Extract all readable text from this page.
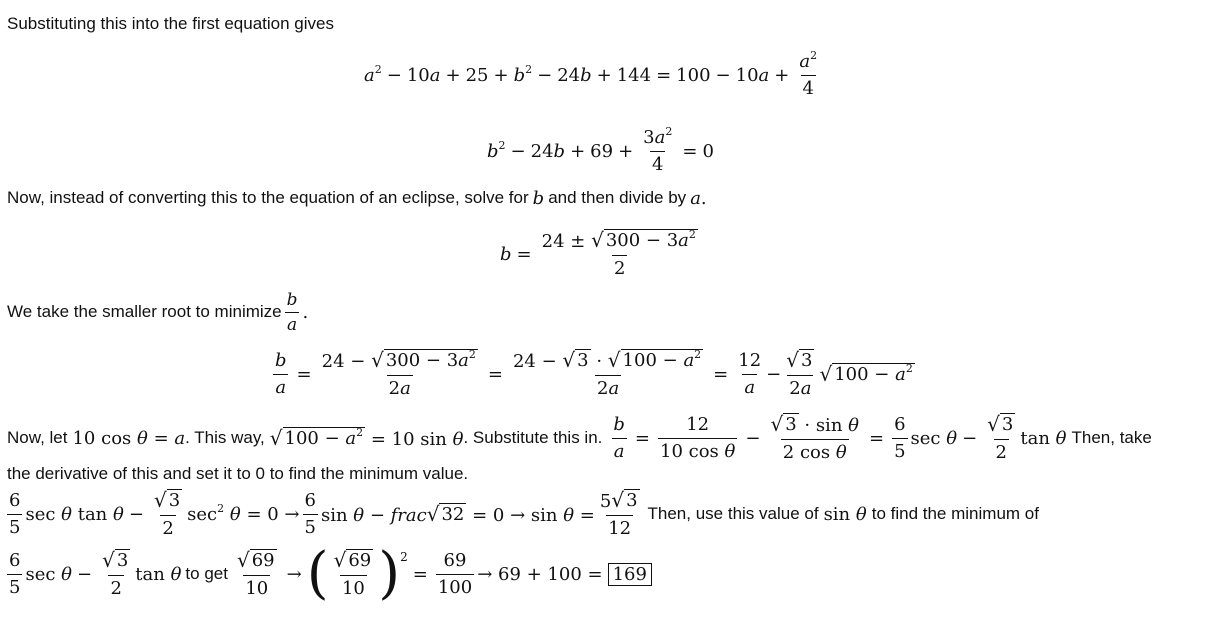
Substituting this into the first equation gives
$a^2 - 10a + 25 + b^2 - 24b + 144 = 100 - 10a + \frac{a^2}{4}$
$b^2 - 24b + 69 + \frac{3a^2}{4} = 0$
Now, instead of converting this to the equation of an eclipse, solve for b and then divide by a.
$b = \frac{24 \pm √ 300 - 3a^2}{2}$
We take the smaller root to minimize $\frac{b}{a}$ .
$\frac{b}{a} = \frac{24 - √ 300 - 3a^2}{2a} = \frac{24 - √ 3 \cdot √ 100 - a^2}{2a} = \frac{12}{a} - \frac{√ 3}{2a}$ √ $100 - a^2$
Now, let 10 cos θ = a . This way, √ $100 - a^2 = 10$ sin θ . Substitute this in. $\frac{b}{a} = \frac{12}{\text{10 cos θ}} - \frac{\text{√ 3 · sin θ}}{\text{2 cos θ}} = \frac{6}{5}$ $\sec \theta - \frac{√ 3}{2}$ tan θ Then, take
the derivative of this and set it to 0 to find the minimum value.
$\frac{6}{5}$ sec θ $\tan \theta - \frac{√ 3}{2} \sec^2 \theta = 0 \to \frac{6}{5}$ sin θ − frac √ $32 = 0 \to \sin \theta = \frac{5 √ 3}{12}$ Then, use this value of sin θ to find the minimum of
$\frac{6}{5}$ $\sec \theta - \frac{√ 3}{2}$ tan θ to get $\frac{√ 69}{10}$ → ( $\frac{√ 69}{10}$ ) 2
= $\frac{69}{100} \to 69 + 100 = 169$
